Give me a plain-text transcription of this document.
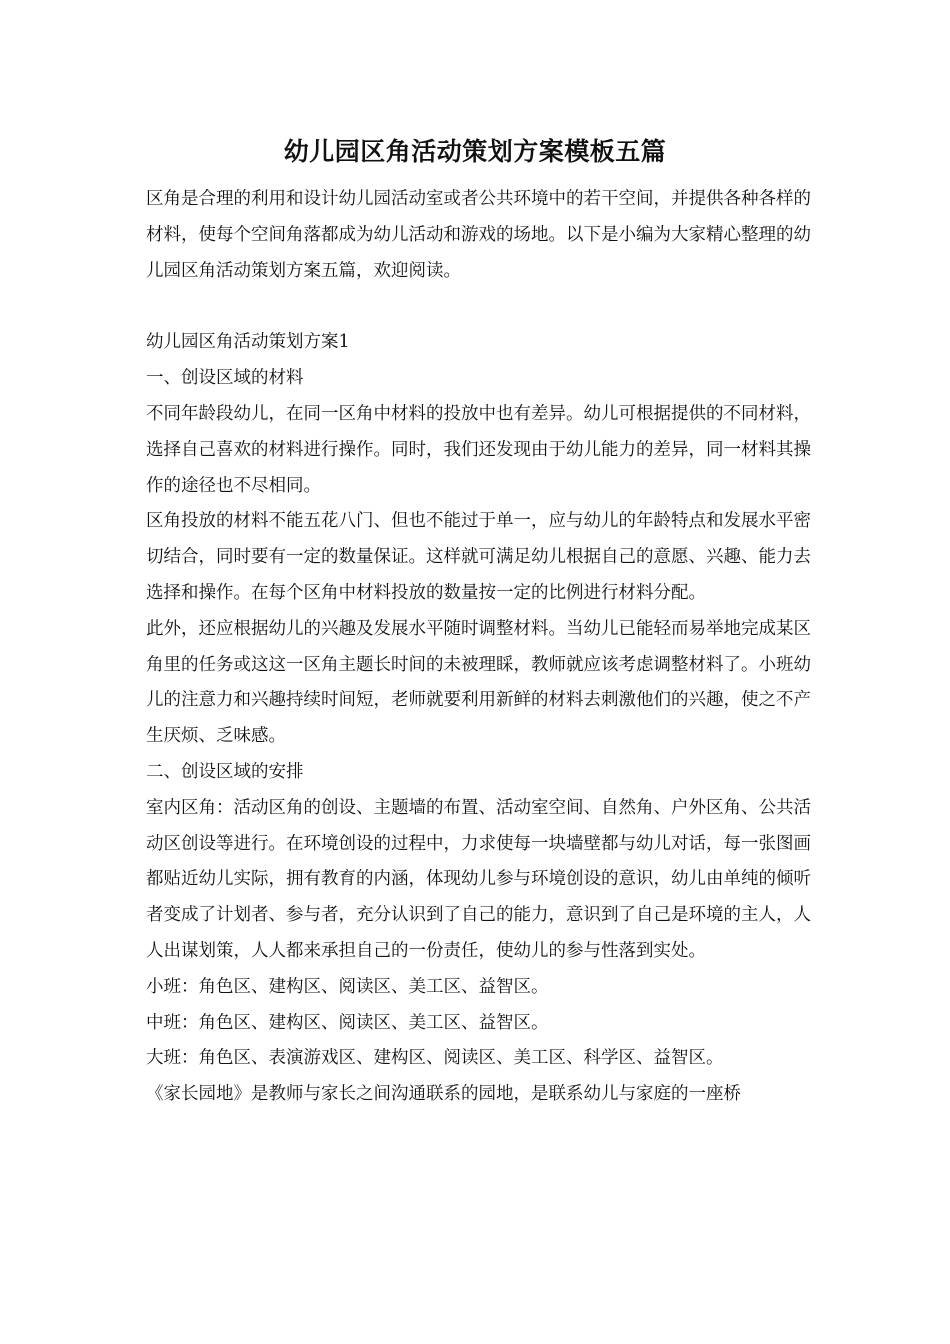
幼儿园区角活动策划方案模板五篇

区角是合理的利用和设计幼儿园活动室或者公共环境中的若干空间，并提供各种各样的材料，使每个空间角落都成为幼儿活动和游戏的场地。以下是小编为大家精心整理的幼儿园区角活动策划方案五篇，欢迎阅读。

幼儿园区角活动策划方案1

一、创设区域的材料

不同年龄段幼儿，在同一区角中材料的投放中也有差异。幼儿可根据提供的不同材料，选择自己喜欢的材料进行操作。同时，我们还发现由于幼儿能力的差异，同一材料其操作的途径也不尽相同。

区角投放的材料不能五花八门、但也不能过于单一，应与幼儿的年龄特点和发展水平密切结合，同时要有一定的数量保证。这样就可满足幼儿根据自己的意愿、兴趣、能力去选择和操作。在每个区角中材料投放的数量按一定的比例进行材料分配。

此外，还应根据幼儿的兴趣及发展水平随时调整材料。当幼儿已能轻而易举地完成某区角里的任务或这这一区角主题长时间的未被理睬，教师就应该考虑调整材料了。小班幼儿的注意力和兴趣持续时间短，老师就要利用新鲜的材料去刺激他们的兴趣，使之不产生厌烦、乏味感。

二、创设区域的安排

室内区角：活动区角的创设、主题墙的布置、活动室空间、自然角、户外区角、公共活动区创设等进行。在环境创设的过程中，力求使每一块墙壁都与幼儿对话，每一张图画都贴近幼儿实际，拥有教育的内涵，体现幼儿参与环境创设的意识，幼儿由单纯的倾听者变成了计划者、参与者，充分认识到了自己的能力，意识到了自己是环境的主人，人人出谋划策，人人都来承担自己的一份责任，使幼儿的参与性落到实处。

小班：角色区、建构区、阅读区、美工区、益智区。

中班：角色区、建构区、阅读区、美工区、益智区。

大班：角色区、表演游戏区、建构区、阅读区、美工区、科学区、益智区。

《家长园地》是教师与家长之间沟通联系的园地，是联系幼儿与家庭的一座桥
